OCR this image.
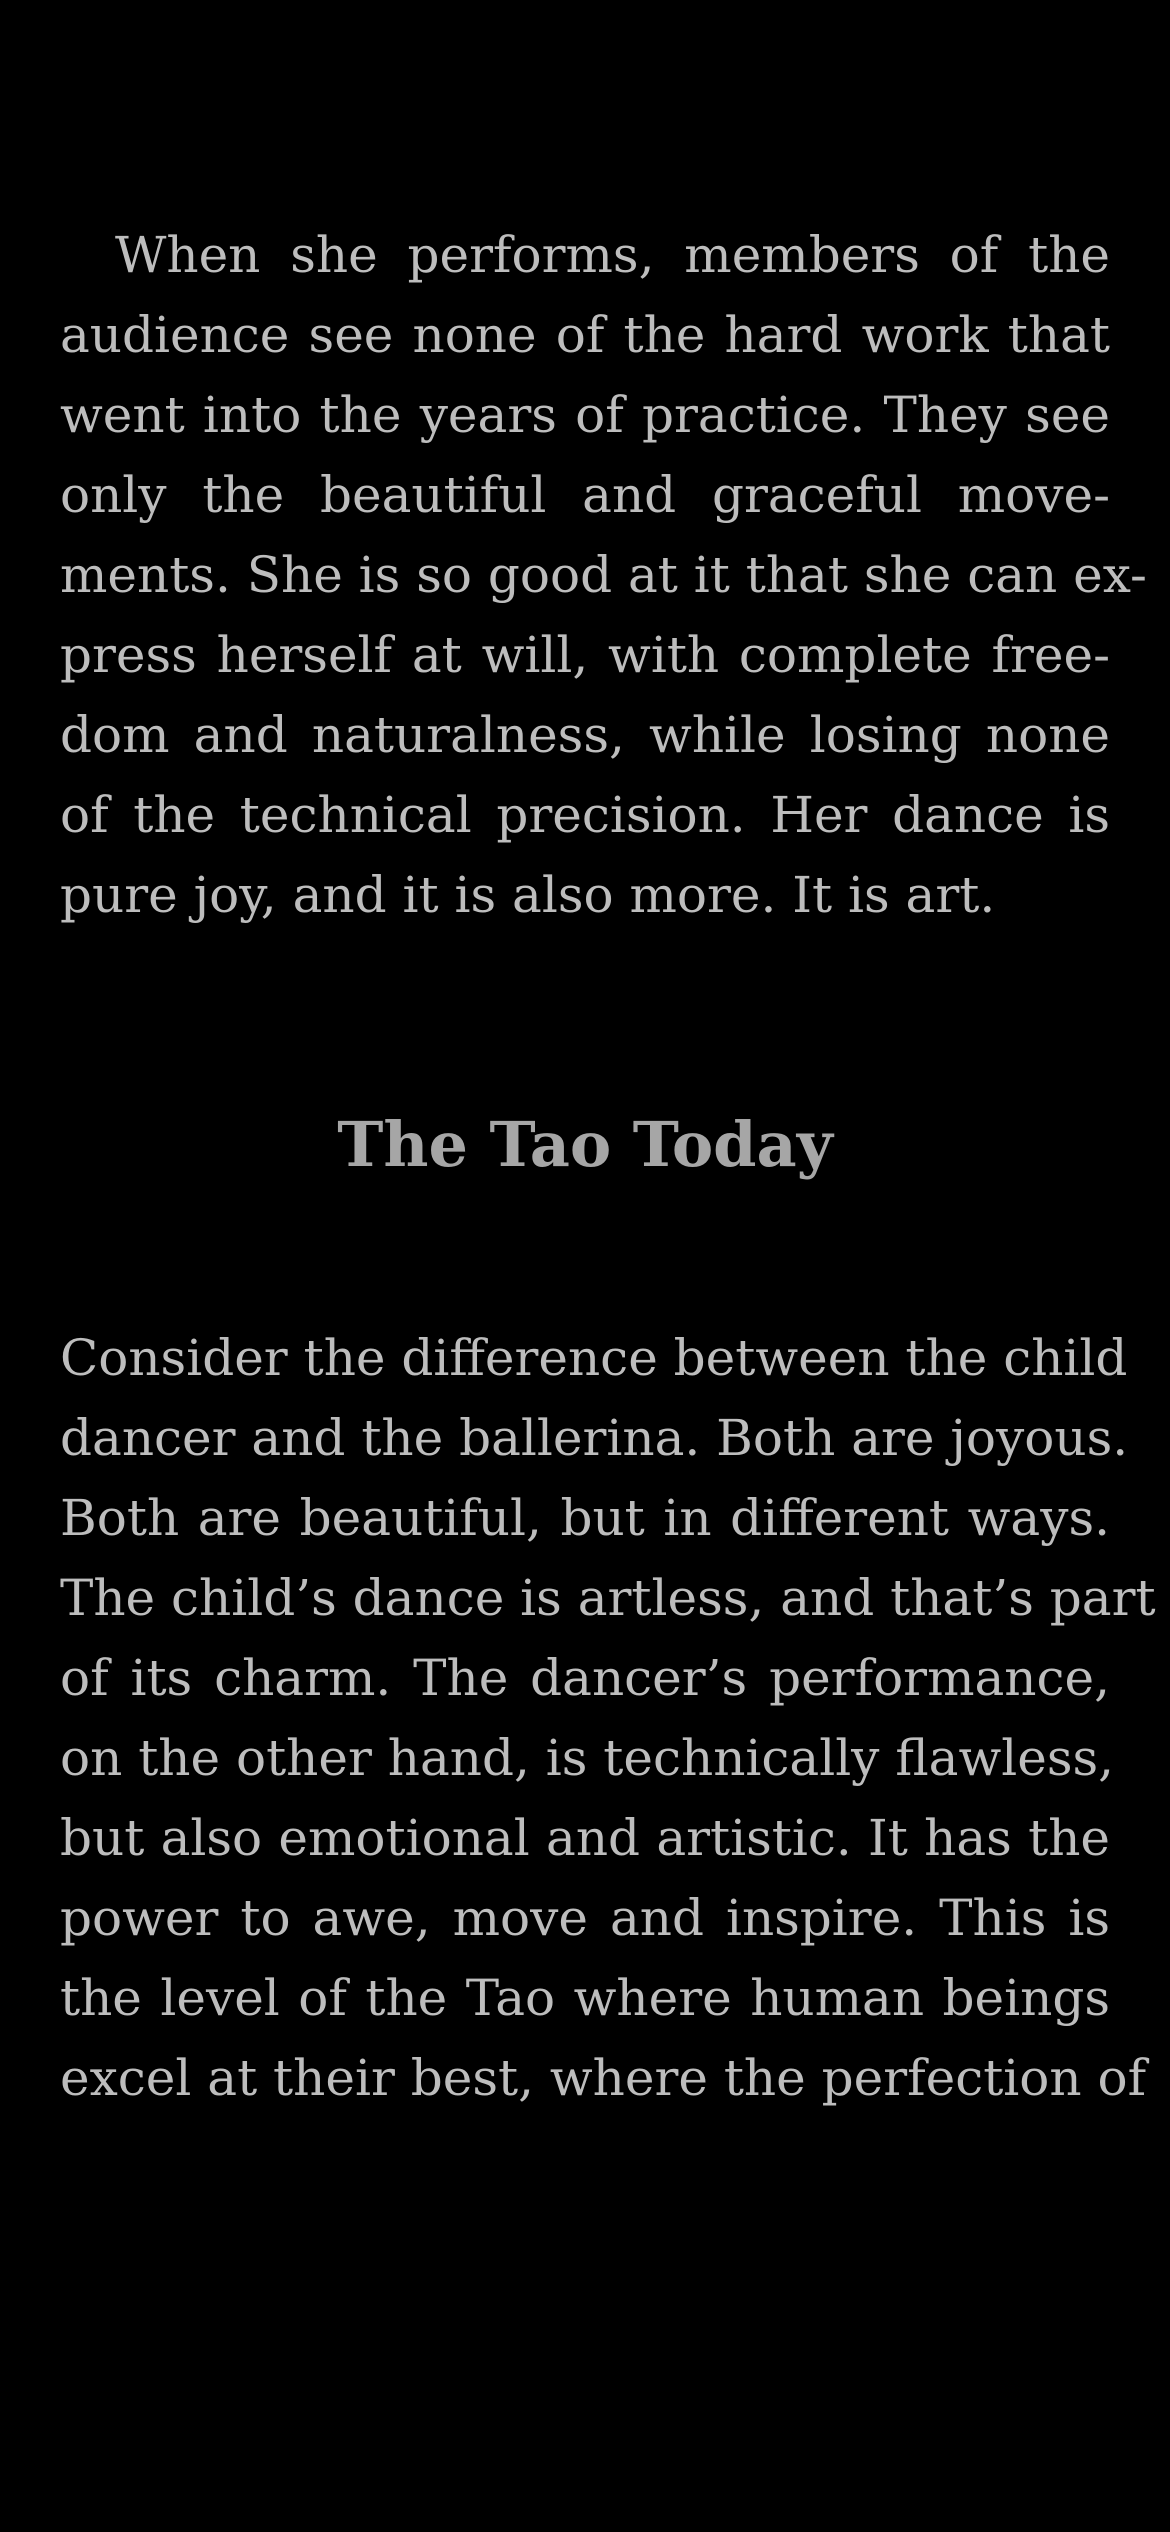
When she performs, members of the
audience see none of the hard work that
went into the years of practice. They see
only the beautiful and graceful move-
ments. She is so good at it that she can ex-
press herself at will, with complete free-
dom and naturalness, while losing none
of the technical precision. Her dance is
pure joy, and it is also more. It is art.
The Tao Today
Consider the difference between the child
dancer and the ballerina. Both are joyous.
Both are beautiful, but in different ways.
The child’s dance is artless, and that’s part
of its charm. The dancer’s performance,
on the other hand, is technically flawless,
but also emotional and artistic. It has the
power to awe, move and inspire. This is
the level of the Tao where human beings
excel at their best, where the perfection of
